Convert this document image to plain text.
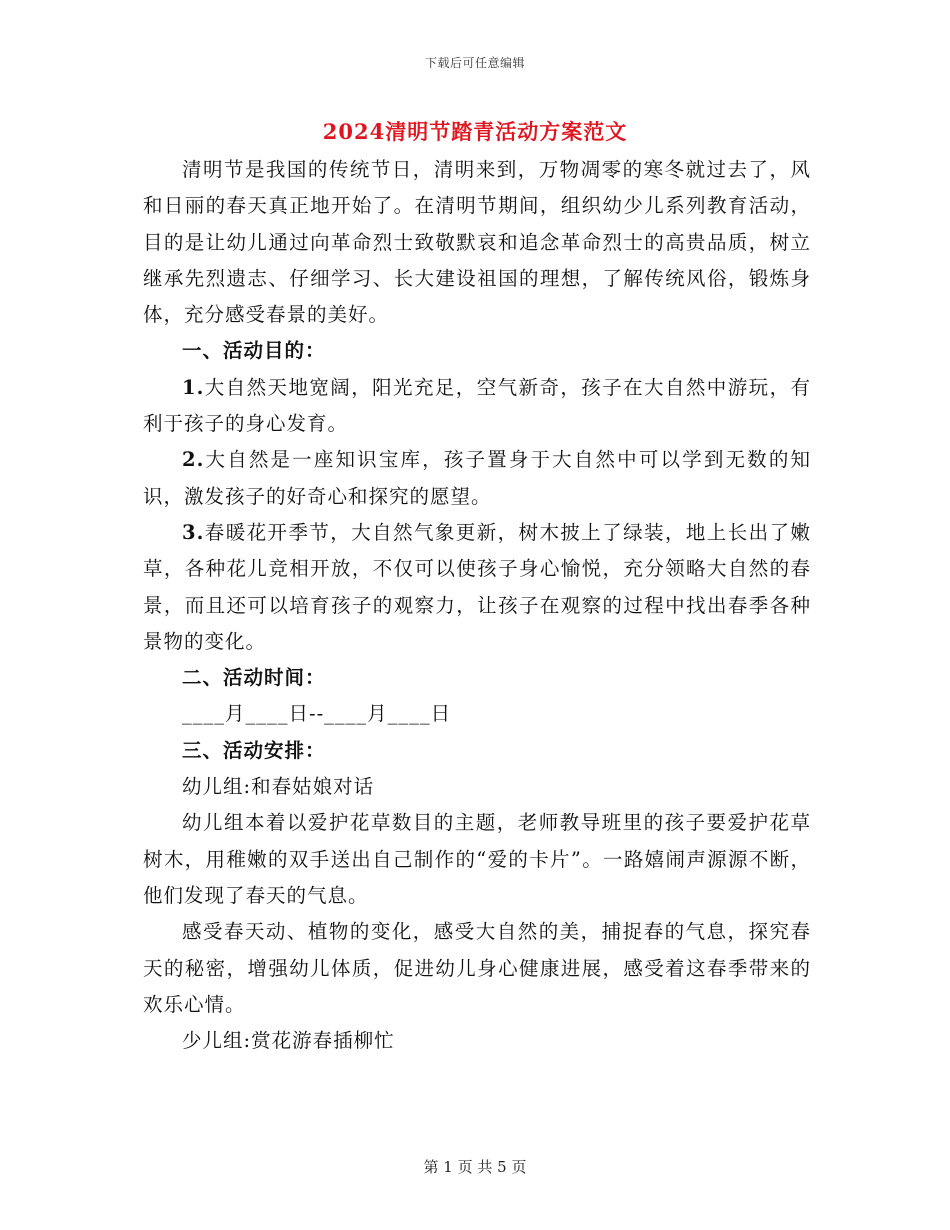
下载后可任意编辑
2024清明节踏青活动方案范文

清明节是我国的传统节日，清明来到，万物凋零的寒冬就过去了，风和日丽的春天真正地开始了。在清明节期间，组织幼少儿系列教育活动，目的是让幼儿通过向革命烈士致敬默哀和追念革命烈士的高贵品质，树立继承先烈遗志、仔细学习、长大建设祖国的理想，了解传统风俗，锻炼身体，充分感受春景的美好。

一、活动目的：

1.大自然天地宽阔，阳光充足，空气新奇，孩子在大自然中游玩，有利于孩子的身心发育。

2.大自然是一座知识宝库，孩子置身于大自然中可以学到无数的知识，激发孩子的好奇心和探究的愿望。

3.春暖花开季节，大自然气象更新，树木披上了绿装，地上长出了嫩草，各种花儿竞相开放，不仅可以使孩子身心愉悦，充分领略大自然的春景，而且还可以培育孩子的观察力，让孩子在观察的过程中找出春季各种景物的变化。

二、活动时间：

____月____日--____月____日

三、活动安排：

幼儿组:和春姑娘对话

幼儿组本着以爱护花草数目的主题，老师教导班里的孩子要爱护花草树木，用稚嫩的双手送出自己制作的“爱的卡片”。一路嬉闹声源源不断，他们发现了春天的气息。

感受春天动、植物的变化，感受大自然的美，捕捉春的气息，探究春天的秘密，增强幼儿体质，促进幼儿身心健康进展，感受着这春季带来的欢乐心情。

少儿组:赏花游春插柳忙

第 1 页 共 5 页
